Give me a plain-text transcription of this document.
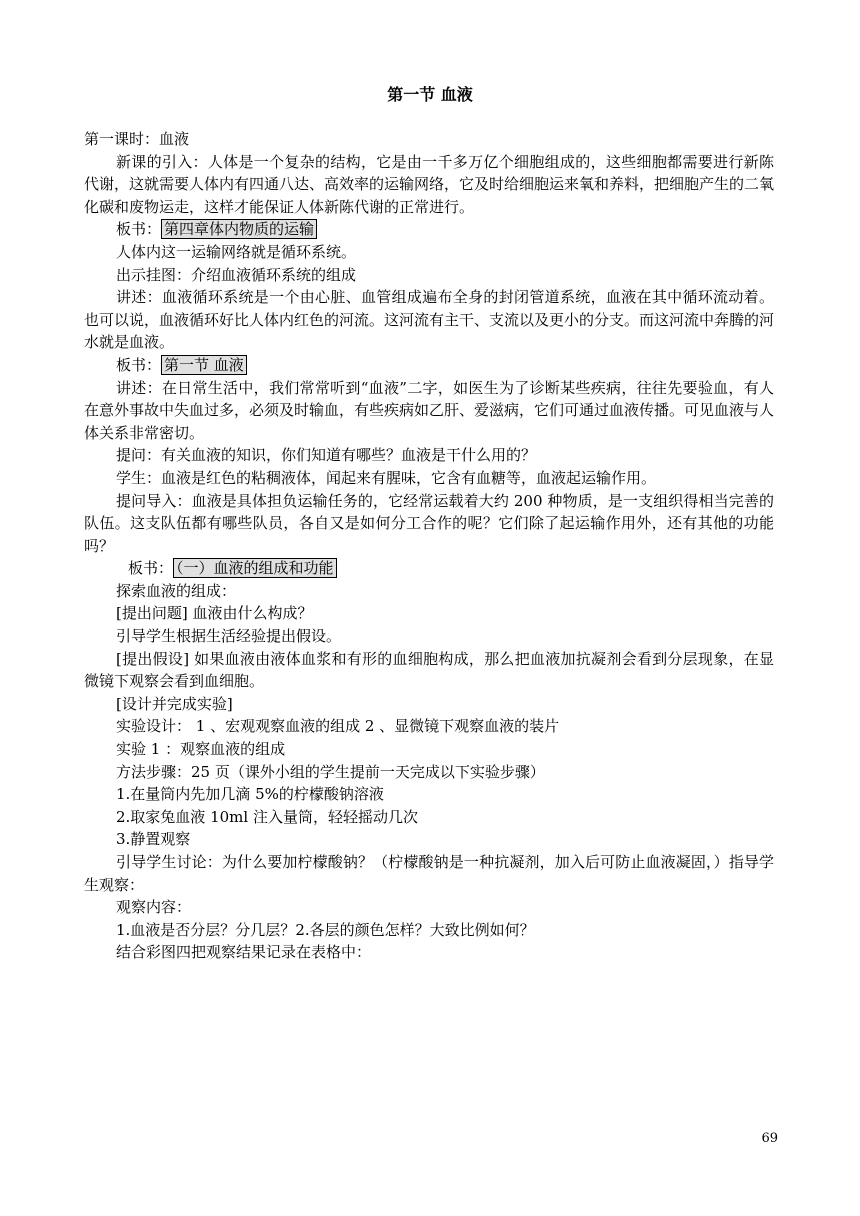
第一节 血液

第一课时：血液

新课的引入：人体是一个复杂的结构，它是由一千多万亿个细胞组成的，这些细胞都需要进行新陈代谢，这就需要人体内有四通八达、高效率的运输网络，它及时给细胞运来氧和养料，把细胞产生的二氧化碳和废物运走，这样才能保证人体新陈代谢的正常进行。

板书： 第四章体内物质的运输

人体内这一运输网络就是循环系统。

出示挂图：介绍血液循环系统的组成

讲述：血液循环系统是一个由心脏、血管组成遍布全身的封闭管道系统，血液在其中循环流动着。也可以说，血液循环好比人体内红色的河流。这河流有主干、支流以及更小的分支。而这河流中奔腾的河水就是血液。

板书： 第一节 血液

讲述：在日常生活中，我们常常听到“血液”二字，如医生为了诊断某些疾病，往往先要验血，有人在意外事故中失血过多，必须及时输血，有些疾病如乙肝、爱滋病，它们可通过血液传播。可见血液与人体关系非常密切。

提问：有关血液的知识，你们知道有哪些？血液是干什么用的？

学生：血液是红色的粘稠液体，闻起来有腥味，它含有血糖等，血液起运输作用。

提问导入：血液是具体担负运输任务的，它经常运载着大约 200 种物质，是一支组织得相当完善的队伍。这支队伍都有哪些队员，各自又是如何分工合作的呢？它们除了起运输作用外，还有其他的功能吗？

板书： （一）血液的组成和功能

探索血液的组成：

[提出问题] 血液由什么构成？

引导学生根据生活经验提出假设。

[提出假设] 如果血液由液体血浆和有形的血细胞构成，那么把血液加抗凝剂会看到分层现象，在显微镜下观察会看到血细胞。

[设计并完成实验]

实验设计： 1 、宏观观察血液的组成 2 、显微镜下观察血液的装片

实验 1 ：观察血液的组成

方法步骤：25 页（课外小组的学生提前一天完成以下实验步骤）

1.在量筒内先加几滴 5%的柠檬酸钠溶液

2.取家兔血液 10ml 注入量筒，轻轻摇动几次

3.静置观察

引导学生讨论：为什么要加柠檬酸钠？（柠檬酸钠是一种抗凝剂，加入后可防止血液凝固，）指导学生观察：

观察内容：

1.血液是否分层？分几层？2.各层的颜色怎样？大致比例如何？

结合彩图四把观察结果记录在表格中：

69
